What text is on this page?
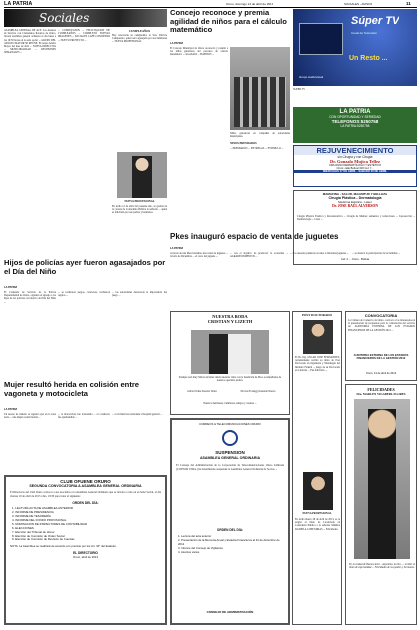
LA PATRIA	Oruro, domingo 14 de abril de 2013	SOCIALES - AVISOS	11
Sociales
ASAMBLEA GENERAL DE ACF. Los Ateneos de Servicio con Ciudadanos Rotarios de Oruro, llevará asamblea general ordinaria el día lunes a las 19:30 horas en la sede social ... GRUPO DEL ADULTO MAYOR SE REÚNE. El Grupo Adulto Mayor del mes de abril ... NUEVA DIRECTIVA ... MUNICIPALIDAD ... REUNIONES SEMANALES ...
... CUMPLEAÑOS ... FELICITACIÓN DE CUMPLEAÑOS ... COMPLETÓ NUEVAS IMAGENES ... SOCIALES CAFÉ CONCIERTO ... NUEVO PROYECTO ...
CUMPLEAÑOS
Hoy renovarán su cumpleaños la Srta. Patricia Campuzano, quien será agasajada por sus familiares ... NUEVA PROFESIONAL
NUEVA PROFESIONAL
En fecha 12 de abril del presente año, se graduó de la carrera de Contaduría Pública la señorita ... quien es felicitada por sus padres y hermanos.
Concejo reconoce y premia agilidad de niños para el cálculo matemático
LA PATRIA
El Concejo Municipal de Oruro reconoció y premió a los niños ganadores del concurso de cálculo matemático ... AGASAJO ... HÁBITOS ...
Niños ganadores en compañía de autoridades municipales.
NIÑOS PREMIADOS
... PREMIADOS ... ENTREGAS ... ESTIMULO ...
Súper TV
Canal de Televisión
Un Resto ...
Grupo Audiovisual
SÚPER TV
LA PATRIA
CON OPORTUNIDAD Y SERIEDAD
TELEFONOS:5250758
LA PATRIA:5250758
REJUVENECIMIENTO
sin Cirugía y con Cirugía
Dr. Gonzalo Mujica Tellez
CIRUJANO DERMATÓLOGO Y ESTÉTICO
Oruro: calle Bolívar 620 Cel: 7...
MIÉRCOLES 17 DE ABRIL - SÁBADO 20 DE ABRIL
MAMAFINA - SALUD, MAGNITUD Y BELLEZA
Cirugía Plástica - Dermatología
Medicina Estética - Láser
Dr. JOSE RAÚL ALVERSON
Cirugía Plástica Estética y Reconstructiva ... Cirugía de Mamas: aumentos y reducciones ... Liposucción ... Dermatología ... Láser ...
Cel: 2 ... Oruro - Bolivia
Hijos de policías ayer fueron agasajados por el Día del Niño
LA PATRIA
El Comando de Servicio de la Policía Departamental de Oruro, organizó el agasajo a los hijos de los policías con motivo del Día del Niño ...
... se realizaron juegos, concursos, recibieron regalos ...
... las autoridades destacaron la importancia del juego ...
Mujer resultó herida en colisión entre vagoneta y motocicleta
LA PATRIA
Un suceso de tránsito se registró ayer en la zona norte ... una mujer resultó herida ...
... la motocicleta fue trasladada ... el conductor fue aprehendido ...
... la víctima fue trasladada al hospital general ...
CLUB OFUENE ORURO
SEGUNDA CONVOCATORIA A ASAMBLEA GENERAL ORDINARIA
El Directorio del Club Oruro convoca a sus asociados a la Asamblea General Ordinaria que se llevará a cabo en su Sede Social, el día viernes 19 de abril de 2013 a hrs. 19:30 para tratar el siguiente:
ORDEN DEL DÍA:
1. LECTURA ACTA DE ASAMBLEA ANTERIOR
2. INFORME DE PRESIDENCIA
3. INFORME DE TESORERÍA
4. INFORME DEL FONDO PROVISIONAL
5. NOMINACION DE INSPECTORES DE CONTABILIDAD
6. ELECCIONES
7. Elección del Tribunal de Honor
8. Elección de Comisión de Orden Social
9. Elección de Comisión de Revisión de Cuentas
NOTA: La Asamblea se realizará de acuerdo a lo previsto por los Art. 34° del Estatuto.
EL DIRECTORIO
Oruro, abril de 2013
Pkes inauguró espacio de venta de juguetes
LA PATRIA
A través de una Pkes lanzamos una venta de juguetes ... la feria de Diciembre ... el costo del juguete ...
... con el objetivo de promover la economía ... AGRADECIMIENTOS ...
... Los usuarios pudieron acceder a diferentes juguetes ...	... se destacó la participación de las familias ...
NUESTRA BODA
CRISTIAN Y LIZETH
Siempre será muy Siñora de haber unido nuestras vidas con la bendición de Dios, acompañados de nuestros queridos padres.
Gilbert Tellez Rosalía Tellez	Nicolas Fornaggi Juanelle Nieves
Nuestros hermanos, familiares, amigos y cuantos ...
CORREOS & TELECOMUNICACIONES ORURO
SUSPENSION
ASAMBLEA GENERAL ORDINARIA
El Consejo del Administración de la Corporación de Telecomunicaciones Oruro Limitada (COTEOR LTDA.) ha determinado suspender la Asamblea General Ordinaria de Socios ...
ORDEN DEL DÍA:
1. Lectura del acta anterior
2. Presentación de la Memoria Anual y Estados Financieros al 31 de diciembre de 2012
3. Informe del Consejo de Vigilancia
4. Asuntos varios
CONSEJO DE ADMINISTRACIÓN
POST DOCTORADO
El Dr. Ing. OSCAR JOSE FERNANDEZ, recientemente recibió su título de Post Doctorado en Ingeniería y Metalurgia del Instituto Federal ... luego de su Doctorado en Ciencias ... Fue felicitado ...
NUEVA PROFESIONAL
En fecha marzo 28 de abril de 2013, se le asignó el título de Licenciada en Contaduría Pública a la señorita MARIA DANIELA COPE MIRAS ... Felicidades.
CONVOCATORIA
La Cámara de Comercio de Oruro, convoca a los interesados en la presentación de propuestas para la contratación del servicio de: AUDITORÍA EXTERNA DE LOS ESTADOS FINANCIEROS DE LA GESTIÓN 2012 ...
AUDITORÍA EXTERNA DE LOS ESTADOS FINANCIEROS DE LA GESTIÓN 2012
Oruro, 14 de abril de 2013
FELICIDADES
Dra. MARLEN VIGABERL FLORES
En la ciudad de Buenos Aires - Argentina, la Dra. ... recibió su título de especialidad ... Felicidades de sus padres y hermanos.
